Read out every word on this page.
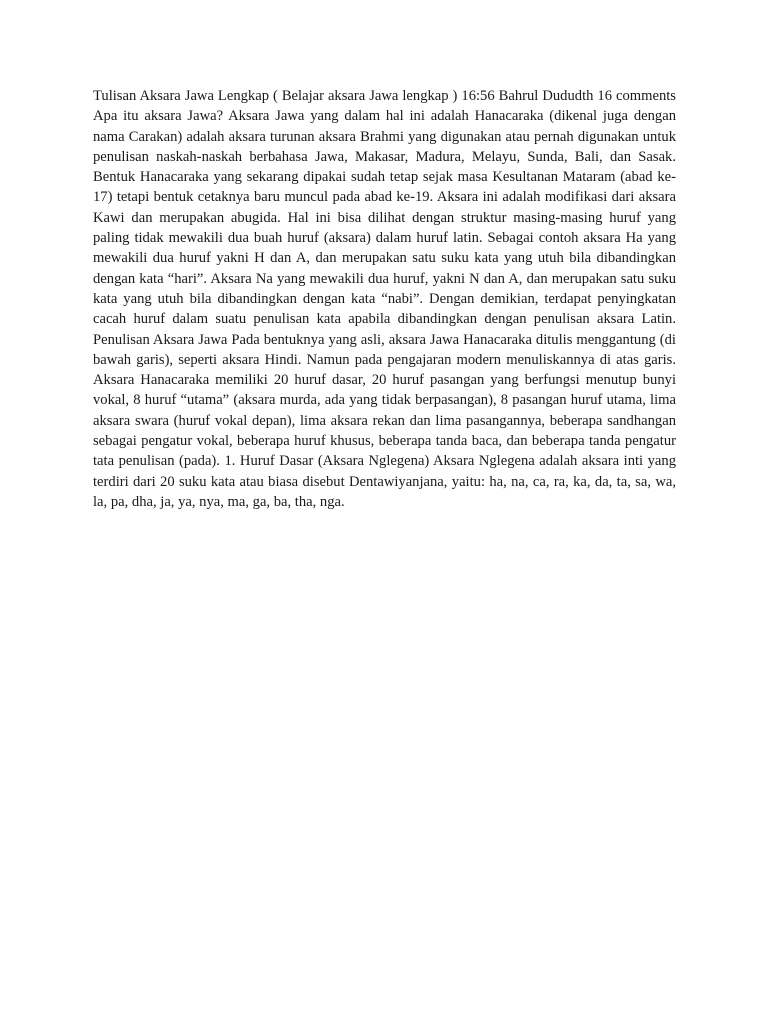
Tulisan Aksara Jawa Lengkap ( Belajar aksara Jawa lengkap ) 16:56 Bahrul Dududth 16 comments Apa itu aksara Jawa? Aksara Jawa yang dalam hal ini adalah Hanacaraka (dikenal juga dengan nama Carakan) adalah aksara turunan aksara Brahmi yang digunakan atau pernah digunakan untuk penulisan naskah-naskah berbahasa Jawa, Makasar, Madura, Melayu, Sunda, Bali, dan Sasak. Bentuk Hanacaraka yang sekarang dipakai sudah tetap sejak masa Kesultanan Mataram (abad ke-17) tetapi bentuk cetaknya baru muncul pada abad ke-19. Aksara ini adalah modifikasi dari aksara Kawi dan merupakan abugida. Hal ini bisa dilihat dengan struktur masing-masing huruf yang paling tidak mewakili dua buah huruf (aksara) dalam huruf latin. Sebagai contoh aksara Ha yang mewakili dua huruf yakni H dan A, dan merupakan satu suku kata yang utuh bila dibandingkan dengan kata “hari”. Aksara Na yang mewakili dua huruf, yakni N dan A, dan merupakan satu suku kata yang utuh bila dibandingkan dengan kata “nabi”. Dengan demikian, terdapat penyingkatan cacah huruf dalam suatu penulisan kata apabila dibandingkan dengan penulisan aksara Latin. Penulisan Aksara Jawa Pada bentuknya yang asli, aksara Jawa Hanacaraka ditulis menggantung (di bawah garis), seperti aksara Hindi. Namun pada pengajaran modern menuliskannya di atas garis. Aksara Hanacaraka memiliki 20 huruf dasar, 20 huruf pasangan yang berfungsi menutup bunyi vokal, 8 huruf “utama” (aksara murda, ada yang tidak berpasangan), 8 pasangan huruf utama, lima aksara swara (huruf vokal depan), lima aksara rekan dan lima pasangannya, beberapa sandhangan sebagai pengatur vokal, beberapa huruf khusus, beberapa tanda baca, dan beberapa tanda pengatur tata penulisan (pada). 1. Huruf Dasar (Aksara Nglegena) Aksara Nglegena adalah aksara inti yang terdiri dari 20 suku kata atau biasa disebut Dentawiyanjana, yaitu: ha, na, ca, ra, ka, da, ta, sa, wa, la, pa, dha, ja, ya, nya, ma, ga, ba, tha, nga.
